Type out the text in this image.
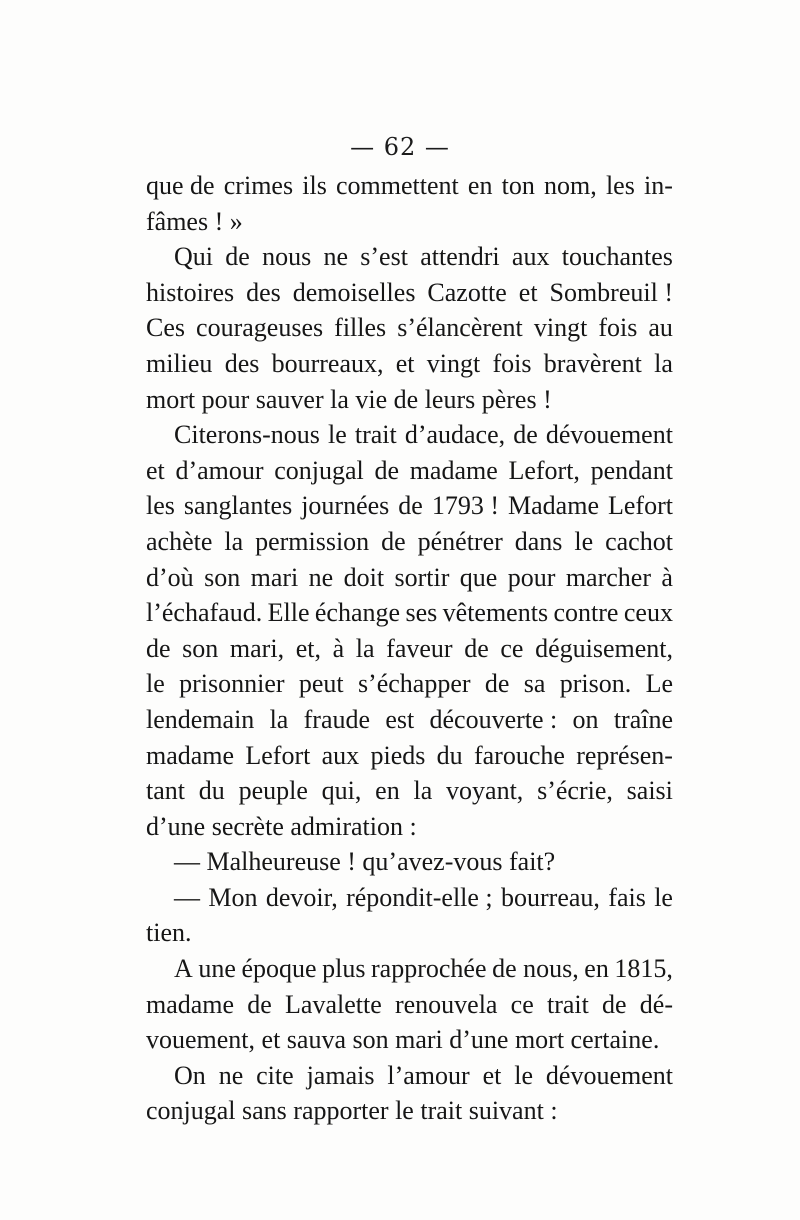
— 62 —
que de crimes ils commettent en ton nom, les in-
fâmes ! »
Qui de nous ne s’est attendri aux touchantes
histoires des demoiselles Cazotte et Sombreuil !
Ces courageuses filles s’élancèrent vingt fois au
milieu des bourreaux, et vingt fois bravèrent la
mort pour sauver la vie de leurs pères !
Citerons-nous le trait d’audace, de dévouement
et d’amour conjugal de madame Lefort, pendant
les sanglantes journées de 1793 ! Madame Lefort
achète la permission de pénétrer dans le cachot
d’où son mari ne doit sortir que pour marcher à
l’échafaud. Elle échange ses vêtements contre ceux
de son mari, et, à la faveur de ce déguisement,
le prisonnier peut s’échapper de sa prison. Le
lendemain la fraude est découverte : on traîne
madame Lefort aux pieds du farouche représen-
tant du peuple qui, en la voyant, s’écrie, saisi
d’une secrète admiration :
— Malheureuse ! qu’avez-vous fait?
— Mon devoir, répondit-elle ; bourreau, fais le
tien.
A une époque plus rapprochée de nous, en 1815,
madame de Lavalette renouvela ce trait de dé-
vouement, et sauva son mari d’une mort certaine.
On ne cite jamais l’amour et le dévouement
conjugal sans rapporter le trait suivant :
